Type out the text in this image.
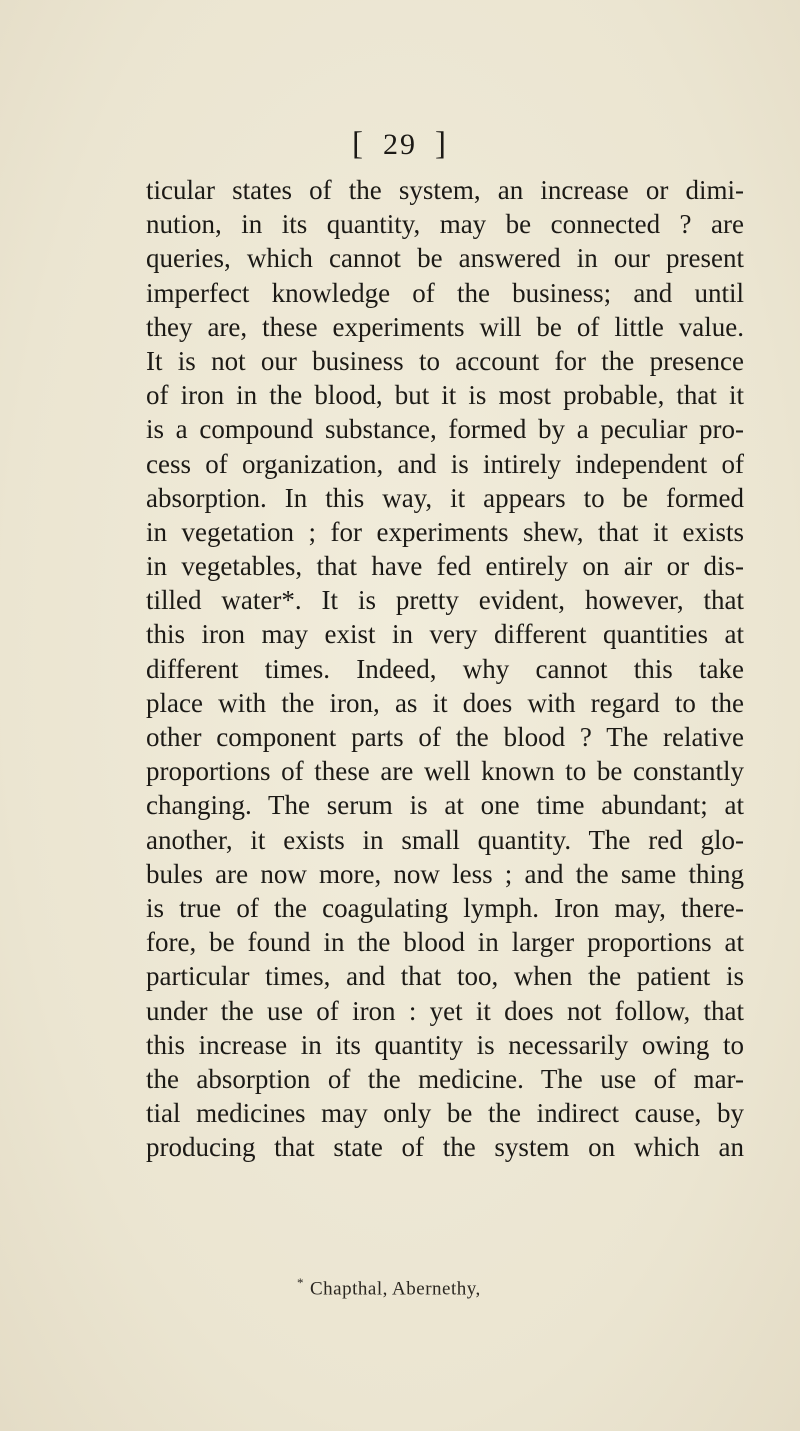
[ 29 ]
ticular states of the system, an increase or dimi-
nution, in its quantity, may be connected ? are
queries, which cannot be answered in our present
imperfect knowledge of the business; and until
they are, these experiments will be of little value.
It is not our business to account for the presence
of iron in the blood, but it is most probable, that it
is a compound substance, formed by a peculiar pro-
cess of organization, and is intirely independent of
absorption. In this way, it appears to be formed
in vegetation ; for experiments shew, that it exists
in vegetables, that have fed entirely on air or dis-
tilled water*. It is pretty evident, however, that
this iron may exist in very different quantities at
different times. Indeed, why cannot this take
place with the iron, as it does with regard to the
other component parts of the blood ? The relative
proportions of these are well known to be constantly
changing. The serum is at one time abundant; at
another, it exists in small quantity. The red glo-
bules are now more, now less ; and the same thing
is true of the coagulating lymph. Iron may, there-
fore, be found in the blood in larger proportions at
particular times, and that too, when the patient is
under the use of iron : yet it does not follow, that
this increase in its quantity is necessarily owing to
the absorption of the medicine. The use of mar-
tial medicines may only be the indirect cause, by
producing that state of the system on which an
* Chapthal, Abernethy,
